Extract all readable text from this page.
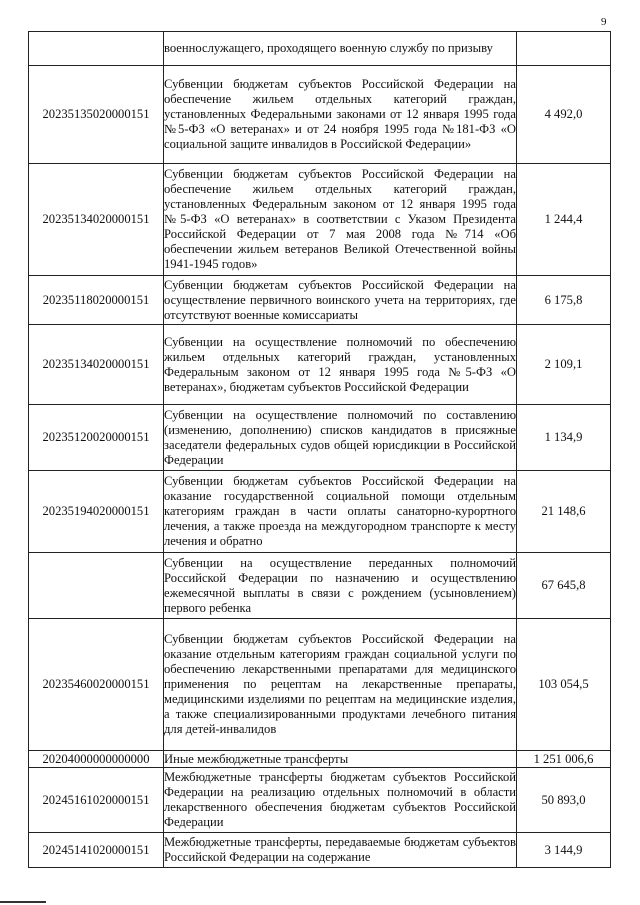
9
	военнослужащего, проходящего военную службу по призыву	
20235135020000151	Субвенции бюджетам субъектов Российской Федерации на обеспечение жильем отдельных категорий граждан, установленных Федеральными законами от 12 января 1995 года №5-ФЗ «О ветеранах» и от 24 ноября 1995 года №181-ФЗ «О социальной защите инвалидов в Российской Федерации»	4 492,0
20235134020000151	Субвенции бюджетам субъектов Российской Федерации на обеспечение жильем отдельных категорий граждан, установленных Федеральным законом от 12 января 1995 года №5-ФЗ «О ветеранах» в соответствии с Указом Президента Российской Федерации от 7 мая 2008 года №714 «Об обеспечении жильем ветеранов Великой Отечественной войны 1941-1945 годов»	1 244,4
20235118020000151	Субвенции бюджетам субъектов Российской Федерации на осуществление первичного воинского учета на территориях, где отсутствуют военные комиссариаты	6 175,8
20235134020000151	Субвенции на осуществление полномочий по обеспечению жильем отдельных категорий граждан, установленных Федеральным законом от 12 января 1995 года №5-ФЗ «О ветеранах», бюджетам субъектов Российской Федерации	2 109,1
20235120020000151	Субвенции на осуществление полномочий по составлению (изменению, дополнению) списков кандидатов в присяжные заседатели федеральных судов общей юрисдикции в Российской Федерации	1 134,9
20235194020000151	Субвенции бюджетам субъектов Российской Федерации на оказание государственной социальной помощи отдельным категориям граждан в части оплаты санаторно-курортного лечения, а также проезда на междугородном транспорте к месту лечения и обратно	21 148,6
	Субвенции на осуществление переданных полномочий Российской Федерации по назначению и осуществлению ежемесячной выплаты в связи с рождением (усыновлением) первого ребенка	67 645,8
20235460020000151	Субвенции бюджетам субъектов Российской Федерации на оказание отдельным категориям граждан социальной услуги по обеспечению лекарственными препаратами для медицинского применения по рецептам на лекарственные препараты, медицинскими изделиями по рецептам на медицинские изделия, а также специализированными продуктами лечебного питания для детей-инвалидов	103 054,5
20204000000000000	Иные межбюджетные трансферты	1 251 006,6
20245161020000151	Межбюджетные трансферты бюджетам субъектов Российской Федерации на реализацию отдельных полномочий в области лекарственного обеспечения бюджетам субъектов Российской Федерации	50 893,0
20245141020000151	Межбюджетные трансферты, передаваемые бюджетам субъектов Российской Федерации на содержание	3 144,9
